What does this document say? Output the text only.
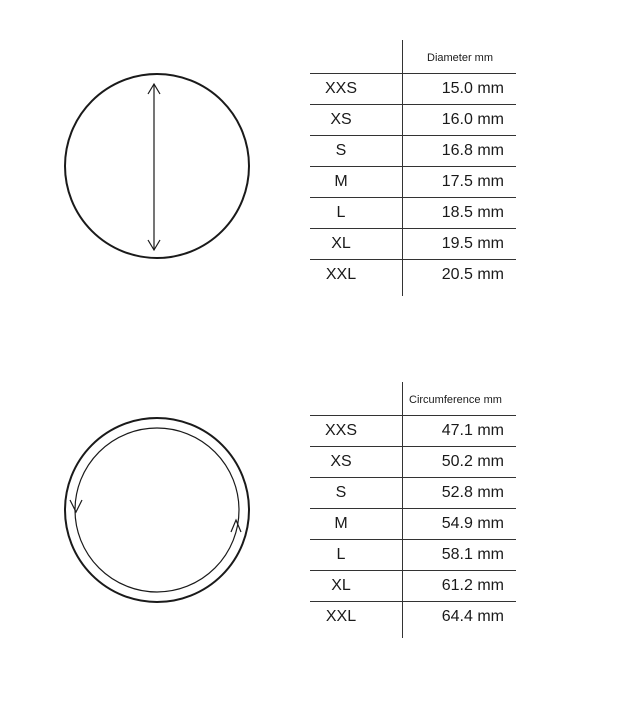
Diameter mm
XXS	15.0 mm
XS	16.0 mm
S	16.8 mm
M	17.5 mm
L	18.5 mm
XL	19.5 mm
XXL	20.5 mm
Circumference mm
XXS	47.1 mm
XS	50.2 mm
S	52.8 mm
M	54.9 mm
L	58.1 mm
XL	61.2 mm
XXL	64.4 mm
